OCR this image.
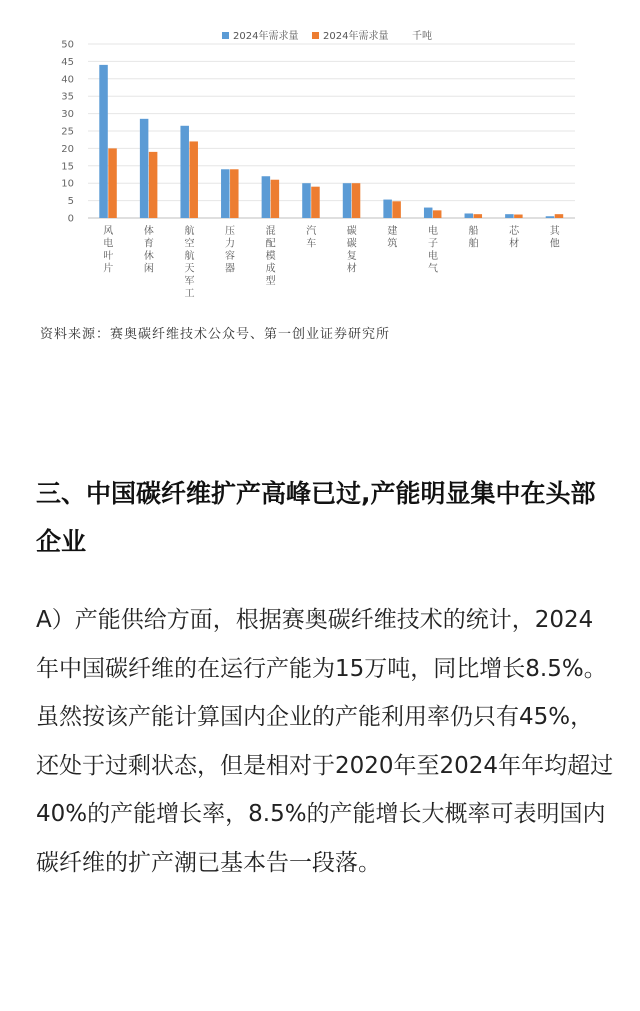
0
5
10
15
20
25
30
35
40
45
50
风电叶片
体育休闲
航空航天军工
压力容器
混配模成型
汽车
碳碳复材
建筑
电子电气
船舶
芯材
其他
2024年需求量 2024年需求量 千吨
资料来源：赛奥碳纤维技术公众号、第一创业证券研究所
三、中国碳纤维扩产高峰已过,产能明显集中在头部企业
A）产能供给方面，根据赛奥碳纤维技术的统计，2024年中国碳纤维的在运行产能为15万吨，同比增长8.5%。虽然按该产能计算国内企业的产能利用率仍只有45%，还处于过剩状态，但是相对于2020年至2024年年均超过40%的产能增长率，8.5%的产能增长大概率可表明国内碳纤维的扩产潮已基本告一段落。
